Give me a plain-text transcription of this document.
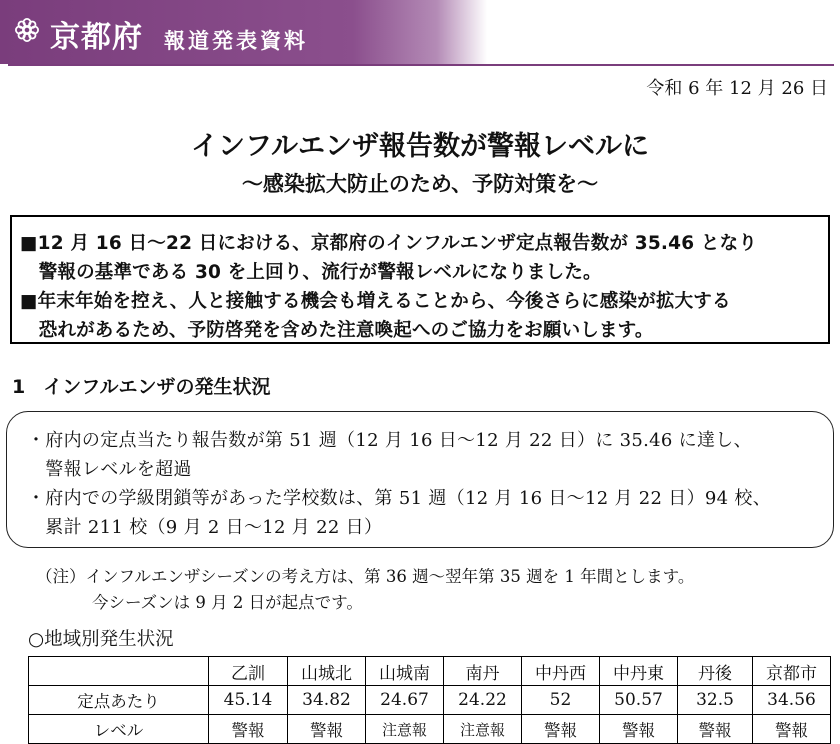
京都府 報道発表資料
令和 6 年 12 月 26 日
インフルエンザ報告数が警報レベルに
〜感染拡大防止のため、予防対策を〜
■12 月 16 日〜22 日における、京都府のインフルエンザ定点報告数が 35.46 となり
　警報の基準である 30 を上回り、流行が警報レベルになりました。
■年末年始を控え、人と接触する機会も増えることから、今後さらに感染が拡大する
　恐れがあるため、予防啓発を含めた注意喚起へのご協力をお願いします。
1 インフルエンザの発生状況
・府内の定点当たり報告数が第 51 週（12 月 16 日〜12 月 22 日）に 35.46 に達し、
　警報レベルを超過
・府内での学級閉鎖等があった学校数は、第 51 週（12 月 16 日〜12 月 22 日）94 校、
　累計 211 校（9 月 2 日〜12 月 22 日）
（注）インフルエンザシーズンの考え方は、第 36 週〜翌年第 35 週を 1 年間とします。
今シーズンは 9 月 2 日が起点です。
○地域別発生状況
	乙訓	山城北	山城南	南丹	中丹西	中丹東	丹後	京都市
定点あたり	45.14	34.82	24.67	24.22	52	50.57	32.5	34.56
レベル	警報	警報	注意報	注意報	警報	警報	警報	警報
